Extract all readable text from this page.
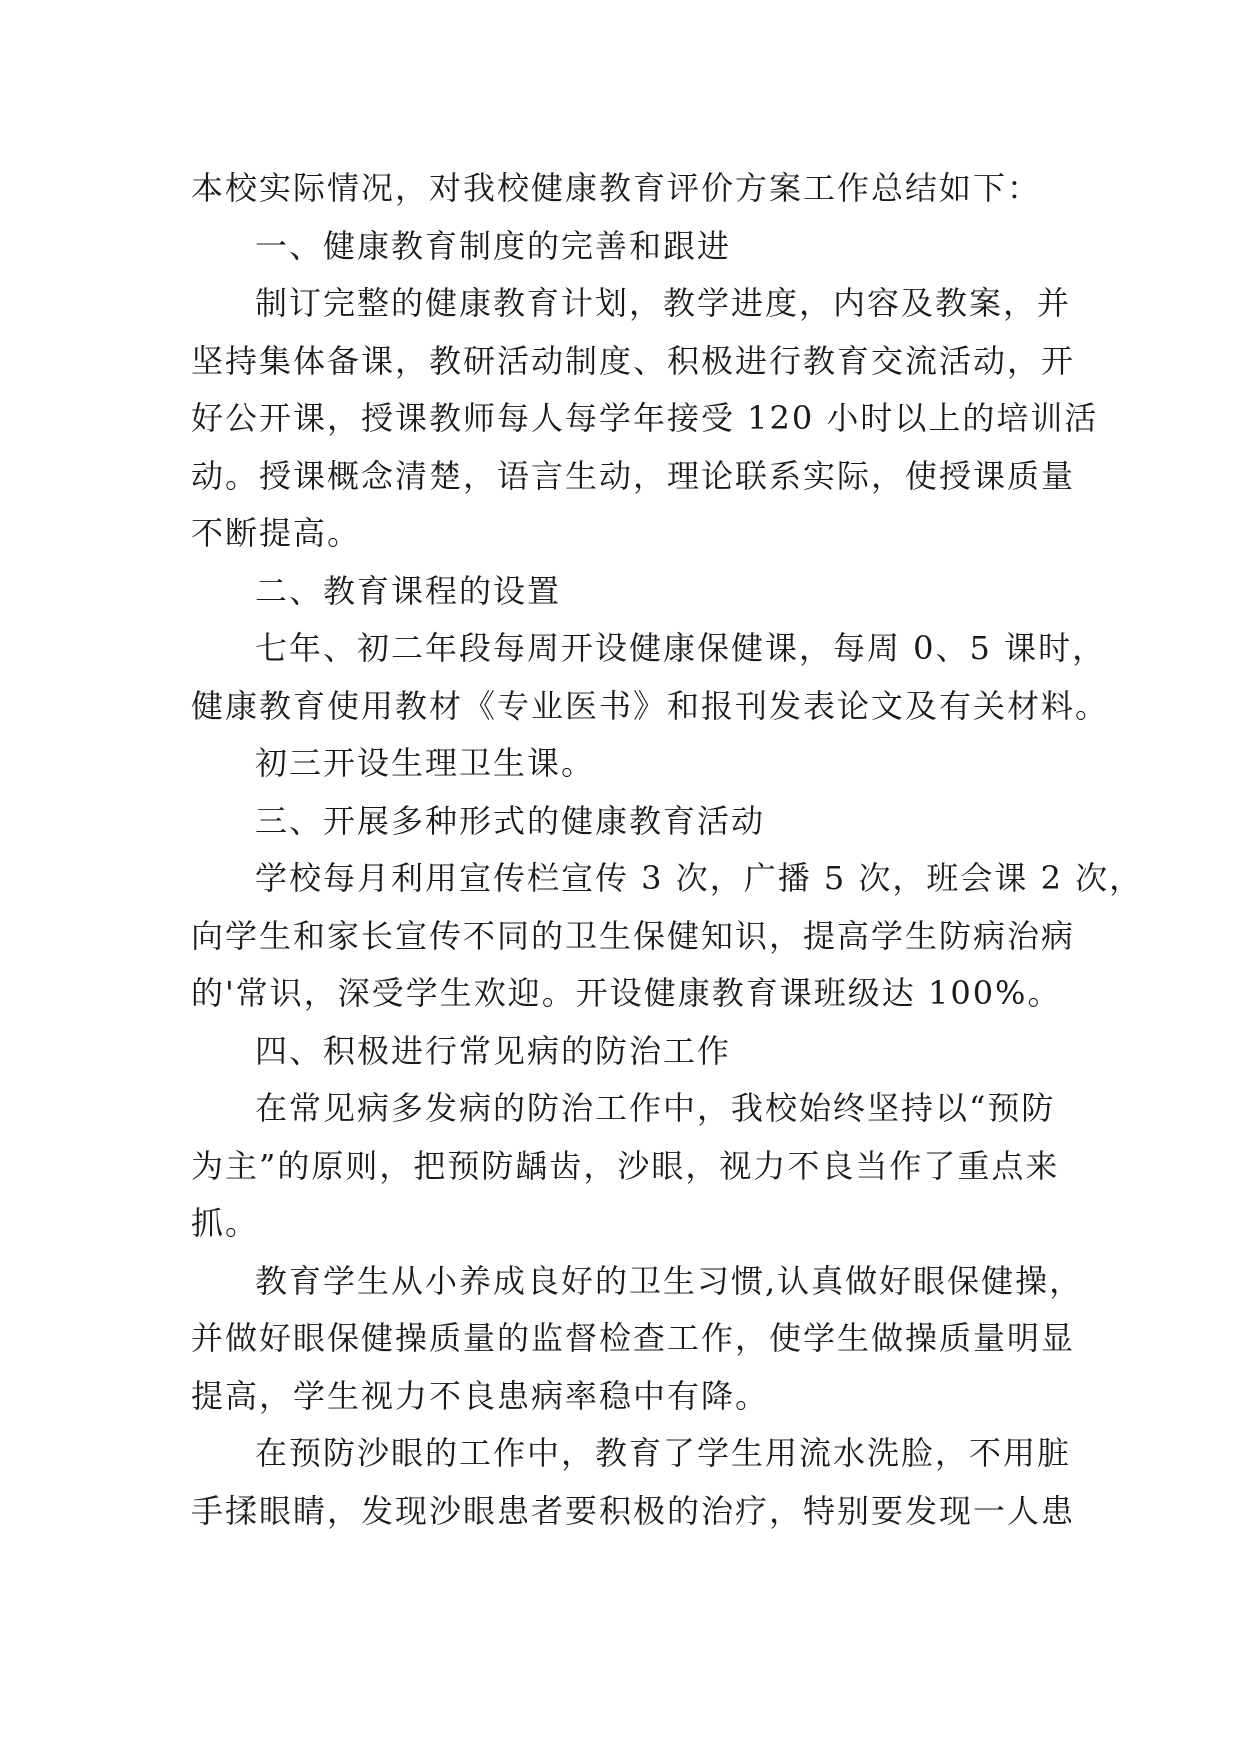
本校实际情况，对我校健康教育评价方案工作总结如下：
一、健康教育制度的完善和跟进
制订完整的健康教育计划，教学进度，内容及教案，并
坚持集体备课，教研活动制度、积极进行教育交流活动，开
好公开课，授课教师每人每学年接受 120 小时以上的培训活
动。授课概念清楚，语言生动，理论联系实际，使授课质量
不断提高。
二、教育课程的设置
七年、初二年段每周开设健康保健课，每周 0、5 课时，
健康教育使用教材《专业医书》和报刊发表论文及有关材料。
初三开设生理卫生课。
三、开展多种形式的健康教育活动
学校每月利用宣传栏宣传 3 次，广播 5 次，班会课 2 次，
向学生和家长宣传不同的卫生保健知识，提高学生防病治病
的'常识，深受学生欢迎。开设健康教育课班级达 100%。
四、积极进行常见病的防治工作
在常见病多发病的防治工作中，我校始终坚持以“预防
为主”的原则，把预防龋齿，沙眼，视力不良当作了重点来
抓。
教育学生从小养成良好的卫生习惯,认真做好眼保健操，
并做好眼保健操质量的监督检查工作，使学生做操质量明显
提高，学生视力不良患病率稳中有降。
在预防沙眼的工作中，教育了学生用流水洗脸，不用脏
手揉眼睛，发现沙眼患者要积极的治疗，特别要发现一人患
